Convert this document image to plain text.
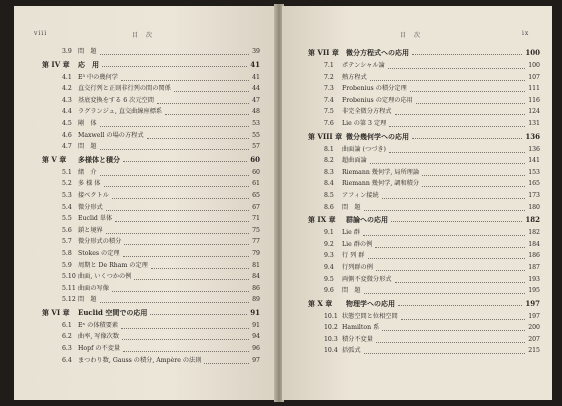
viii	目　次
3.9 問　題	39
第 IV 章 応　用	41
4.1 E³ 中の幾何学	41
4.2 直交行列と正則非行列の間の関係	44
4.3 基底変換をする 6 次元空間	47
4.4 ラグランジュ, 直交曲線座標系	48
4.5 剛　体	53
4.6 Maxwell の場の方程式	55
4.7 問　題	57
第 V 章 多様体と積分	60
5.1 緒　介	60
5.2 多 様 体	61
5.3 接ベクトル	65
5.4 微分形式	67
5.5 Euclid 単体	71
5.6 鎖と境界	75
5.7 微分形式の積分	77
5.8 Stokes の定理	79
5.9 周期と De Rham の定理	81
5.10 曲面, いくつかの例	84
5.11 曲面の写像	86
5.12 問　題	89
第 VI 章 Euclid 空間での応用	91
6.1 Eⁿ の体積要素	91
6.2 曲率, 写像次数	94
6.3 Hopf の不変量	96
6.4 まつわり数, Gauss の積分, Ampère の法則	97
目　次	ix
第 VII 章 微分方程式への応用	100
7.1 ポテンシャル論	100
7.2 熱方程式	107
7.3 Frobenius の積分定理	111
7.4 Frobenius の定理の応用	116
7.5 非完全微分方程式	124
7.6 Lie の第 3 定理	131
第 VIII 章 微分幾何学への応用	136
8.1 曲面論 (つづき)	136
8.2 超曲面論	141
8.3 Riemann 幾何学, 局所理論	153
8.4 Riemann 幾何学, 調和積分	165
8.5 アフィン接続	173
8.6 問　題	180
第 IX 章 群論への応用	182
9.1 Lie 群	182
9.2 Lie 群の例	184
9.3 行 列 群	186
9.4 行列群の例	187
9.5 両側不変微分形式	193
9.6 問　題	195
第 X 章 物理学への応用	197
10.1 状態空間と位相空間	197
10.2 Hamilton 系	200
10.3 積分不変量	207
10.4 括弧式	215
